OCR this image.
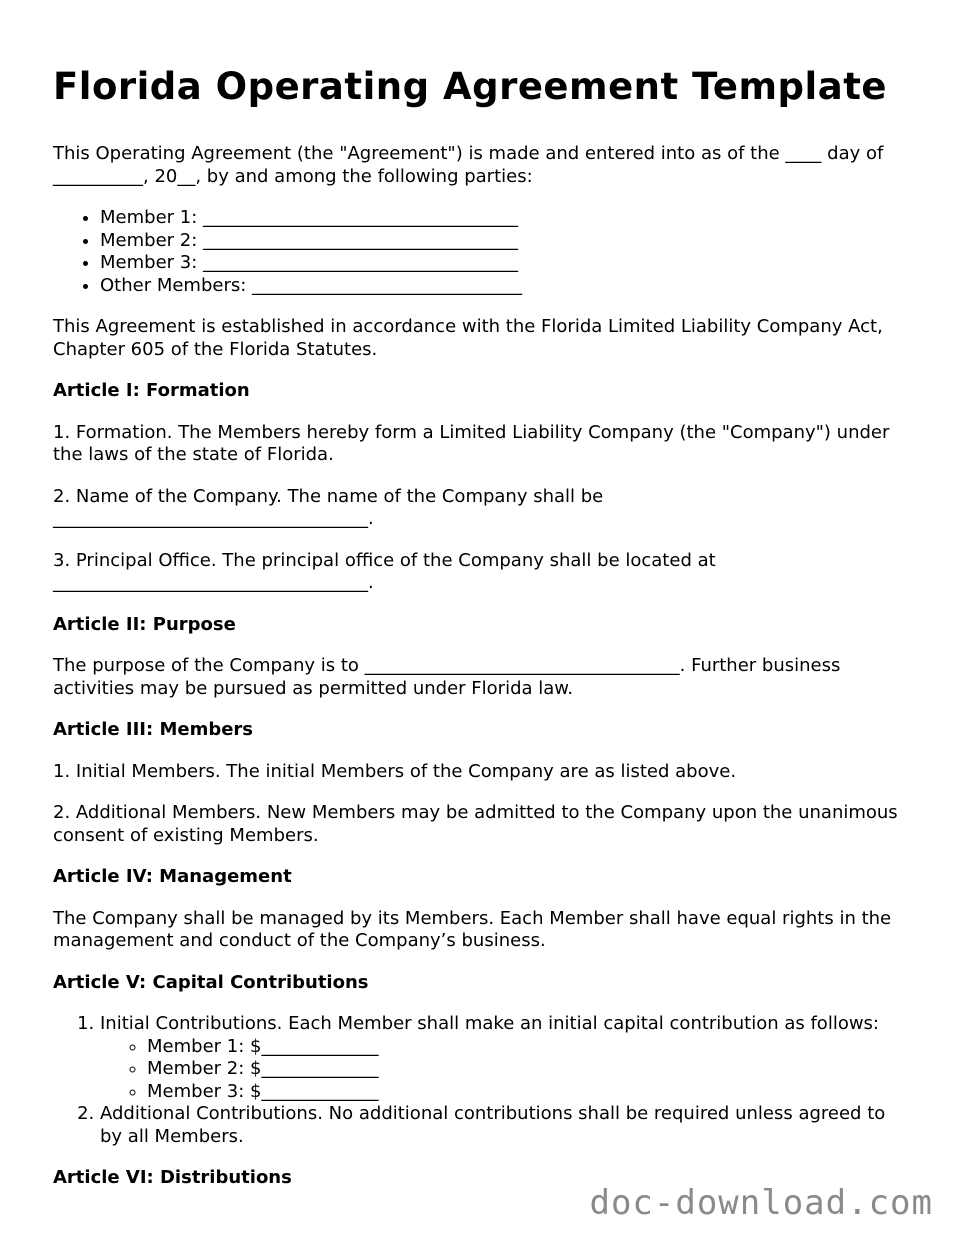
Florida Operating Agreement Template

This Operating Agreement (the "Agreement") is made and entered into as of the ____ day of __________, 20__, by and among the following parties:

• Member 1: ___________________________________
• Member 2: ___________________________________
• Member 3: ___________________________________
• Other Members: ______________________________

This Agreement is established in accordance with the Florida Limited Liability Company Act, Chapter 605 of the Florida Statutes.

Article I: Formation

1. Formation. The Members hereby form a Limited Liability Company (the "Company") under the laws of the state of Florida.

2. Name of the Company. The name of the Company shall be ___________________________________.

3. Principal Office. The principal office of the Company shall be located at ___________________________________.

Article II: Purpose

The purpose of the Company is to ___________________________________. Further business activities may be pursued as permitted under Florida law.

Article III: Members

1. Initial Members. The initial Members of the Company are as listed above.

2. Additional Members. New Members may be admitted to the Company upon the unanimous consent of existing Members.

Article IV: Management

The Company shall be managed by its Members. Each Member shall have equal rights in the management and conduct of the Company’s business.

Article V: Capital Contributions
1. Initial Contributions. Each Member shall make an initial capital contribution as follows:
◦ Member 1: $_____________
◦ Member 2: $_____________
◦ Member 3: $_____________
2. Additional Contributions. No additional contributions shall be required unless agreed to by all Members.
Article VI: Distributions
doc-download.com
